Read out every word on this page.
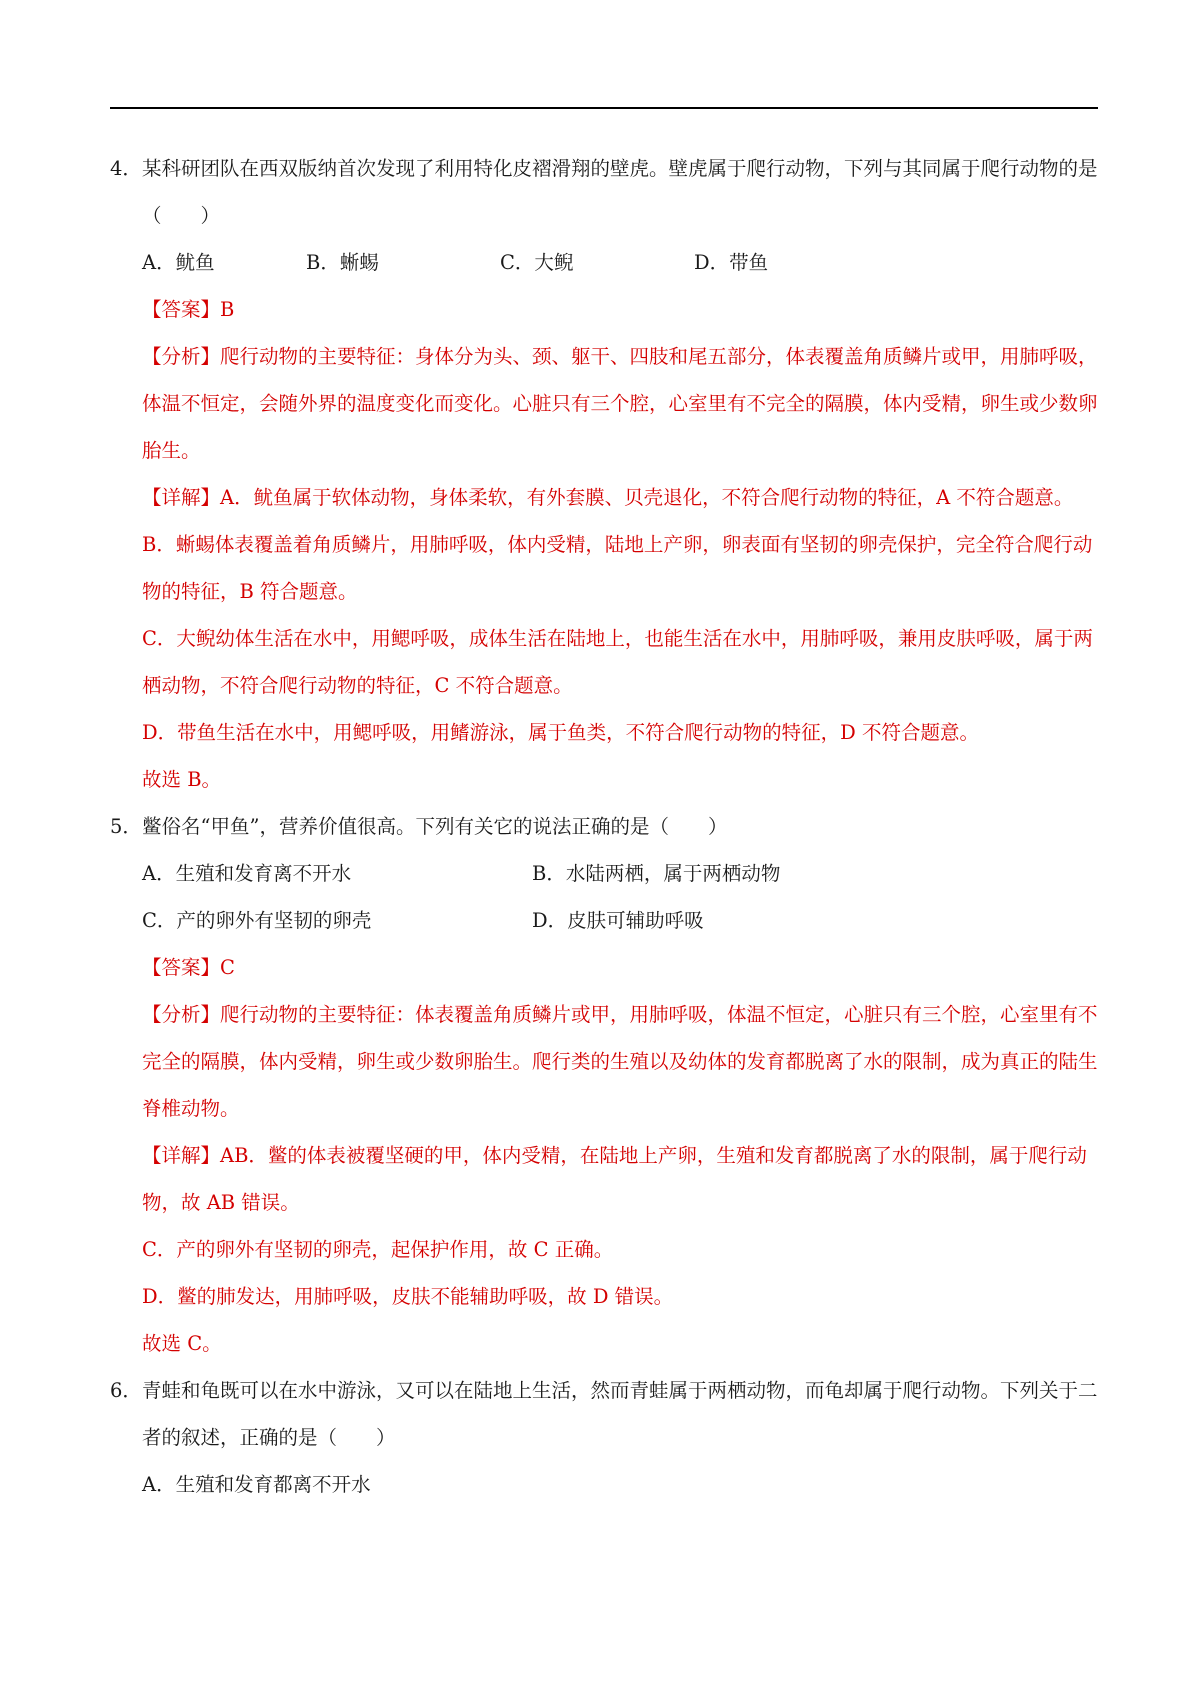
4． 某科研团队在西双版纳首次发现了利用特化皮褶滑翔的壁虎。壁虎属于爬行动物，下列与其同属于爬行动物的是（　　）
A．鱿鱼	B．蜥蜴	C．大鲵	D．带鱼
【答案】B
【分析】爬行动物的主要特征：身体分为头、颈、躯干、四肢和尾五部分，体表覆盖角质鳞片或甲，用肺呼吸，体温不恒定，会随外界的温度变化而变化。心脏只有三个腔，心室里有不完全的隔膜，体内受精，卵生或少数卵胎生。
【详解】A．鱿鱼属于软体动物，身体柔软，有外套膜、贝壳退化，不符合爬行动物的特征，A 不符合题意。
B．蜥蜴体表覆盖着角质鳞片，用肺呼吸，体内受精，陆地上产卵，卵表面有坚韧的卵壳保护，完全符合爬行动物的特征，B 符合题意。
C．大鲵幼体生活在水中，用鳃呼吸，成体生活在陆地上，也能生活在水中，用肺呼吸，兼用皮肤呼吸，属于两栖动物，不符合爬行动物的特征，C 不符合题意。
D．带鱼生活在水中，用鳃呼吸，用鳍游泳，属于鱼类，不符合爬行动物的特征，D 不符合题意。
故选 B。
5． 鳖俗名“甲鱼”，营养价值很高。下列有关它的说法正确的是（　　）
A．生殖和发育离不开水	B．水陆两栖，属于两栖动物
C．产的卵外有坚韧的卵壳	D．皮肤可辅助呼吸
【答案】C
【分析】爬行动物的主要特征：体表覆盖角质鳞片或甲，用肺呼吸，体温不恒定，心脏只有三个腔，心室里有不完全的隔膜，体内受精，卵生或少数卵胎生。爬行类的生殖以及幼体的发育都脱离了水的限制，成为真正的陆生脊椎动物。
【详解】AB．鳖的体表被覆坚硬的甲，体内受精，在陆地上产卵，生殖和发育都脱离了水的限制，属于爬行动物，故 AB 错误。
C．产的卵外有坚韧的卵壳，起保护作用，故 C 正确。
D．鳖的肺发达，用肺呼吸，皮肤不能辅助呼吸，故 D 错误。
故选 C。
6． 青蛙和龟既可以在水中游泳，又可以在陆地上生活，然而青蛙属于两栖动物，而龟却属于爬行动物。下列关于二者的叙述，正确的是（　　）
A．生殖和发育都离不开水
